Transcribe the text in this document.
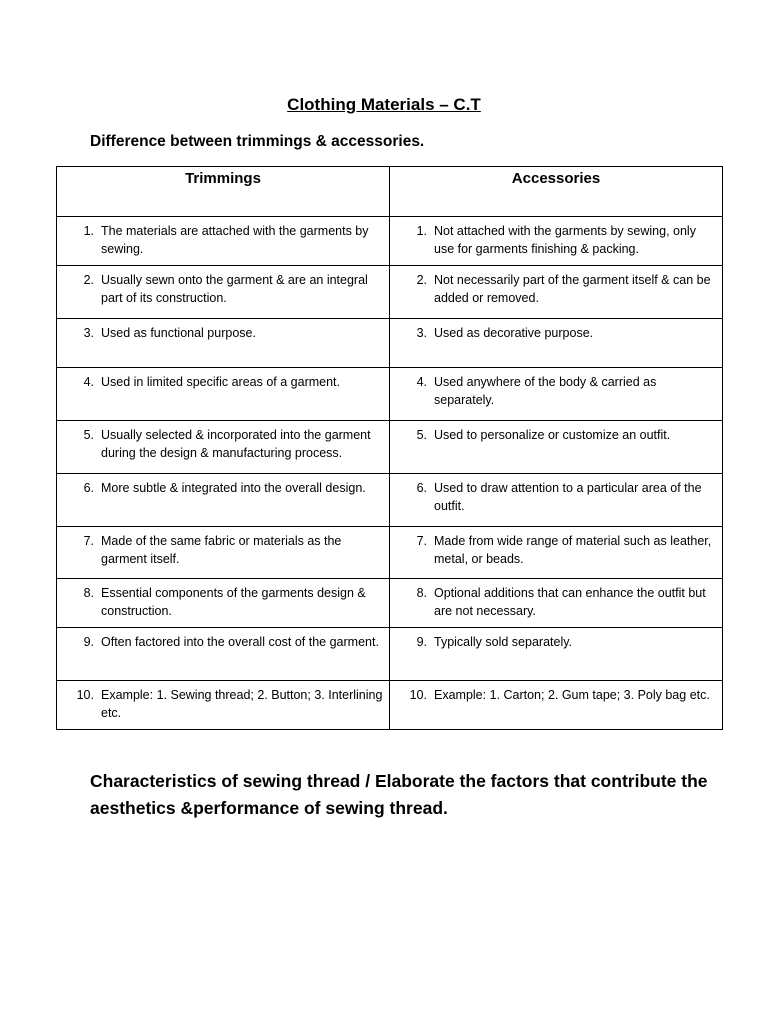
Clothing Materials – C.T
Difference between trimmings & accessories.
Trimmings	Accessories

1. The materials are attached with the garments by sewing.	1. Not attached with the garments by sewing, only use for garments finishing & packing.

2. Usually sewn onto the garment & are an integral part of its construction.	2. Not necessarily part of the garment itself & can be added or removed.

3. Used as functional purpose.	3. Used as decorative purpose.

4. Used in limited specific areas of a garment.	4. Used anywhere of the body & carried as separately.

5. Usually selected & incorporated into the garment during the design & manufacturing process.	5. Used to personalize or customize an outfit.

6. More subtle & integrated into the overall design.	6. Used to draw attention to a particular area of the outfit.

7. Made of the same fabric or materials as the garment itself.	7. Made from wide range of material such as leather, metal, or beads.

8. Essential components of the garments design & construction.	8. Optional additions that can enhance the outfit but are not necessary.

9. Often factored into the overall cost of the garment.	9. Typically sold separately.

10. Example: 1. Sewing thread; 2. Button; 3. Interlining etc.	10. Example: 1. Carton; 2. Gum tape; 3. Poly bag etc.
Characteristics of sewing thread / Elaborate the factors that contribute the aesthetics &performance of sewing thread.
